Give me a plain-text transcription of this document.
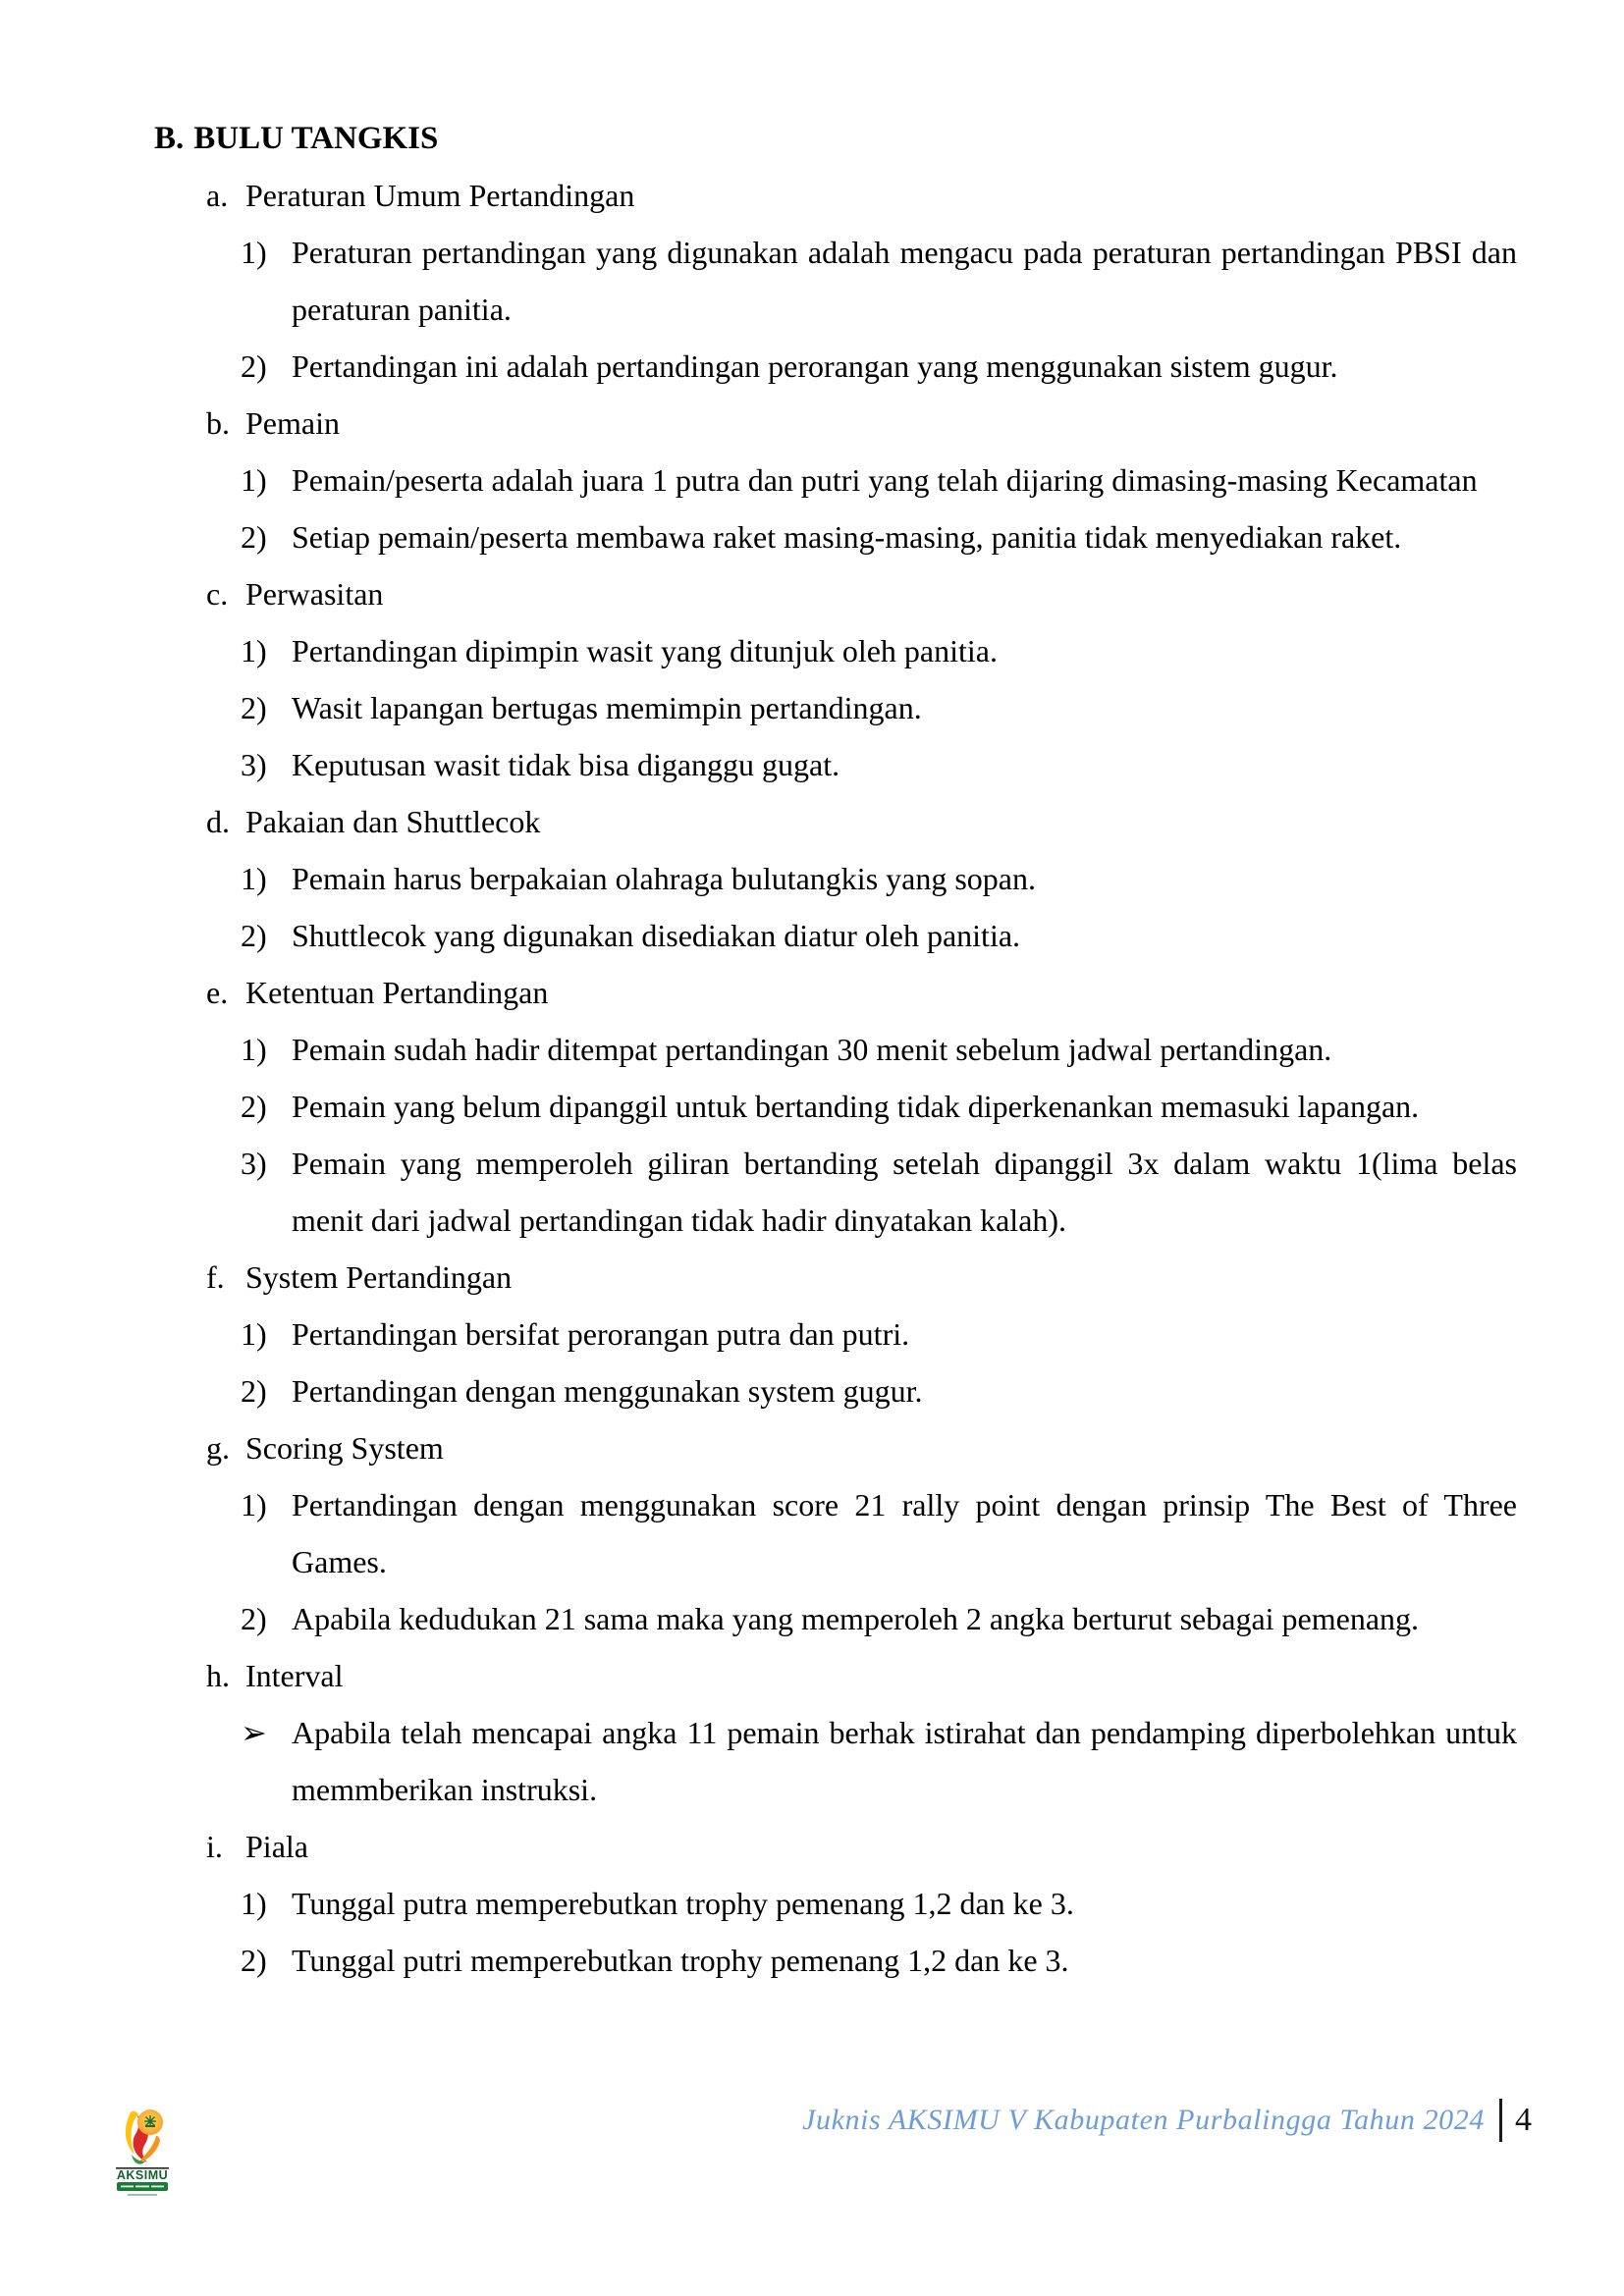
B. BULU TANGKIS
a. Peraturan Umum Pertandingan
1) Peraturan pertandingan yang digunakan adalah mengacu pada peraturan pertandingan PBSI dan peraturan panitia.
2) Pertandingan ini adalah pertandingan perorangan yang menggunakan sistem gugur.
b. Pemain
1) Pemain/peserta adalah juara 1 putra dan putri yang telah dijaring dimasing-masing Kecamatan
2) Setiap pemain/peserta membawa raket masing-masing, panitia tidak menyediakan raket.
c. Perwasitan
1) Pertandingan dipimpin wasit yang ditunjuk oleh panitia.
2) Wasit lapangan bertugas memimpin pertandingan.
3) Keputusan wasit tidak bisa diganggu gugat.
d. Pakaian dan Shuttlecok
1) Pemain harus berpakaian olahraga bulutangkis yang sopan.
2) Shuttlecok yang digunakan disediakan diatur oleh panitia.
e. Ketentuan Pertandingan
1) Pemain sudah hadir ditempat pertandingan 30 menit sebelum jadwal pertandingan.
2) Pemain yang belum dipanggil untuk bertanding tidak diperkenankan memasuki lapangan.
3) Pemain yang memperoleh giliran bertanding setelah dipanggil 3x dalam waktu 1(lima belas menit dari jadwal pertandingan tidak hadir dinyatakan kalah).
f. System Pertandingan
1) Pertandingan bersifat perorangan putra dan putri.
2) Pertandingan dengan menggunakan system gugur.
g. Scoring System
1) Pertandingan dengan menggunakan score 21 rally point dengan prinsip The Best of Three Games.
2) Apabila kedudukan 21 sama maka yang memperoleh 2 angka berturut sebagai pemenang.
h. Interval
➢ Apabila telah mencapai angka 11 pemain berhak istirahat dan pendamping diperbolehkan untuk memmberikan instruksi.
i. Piala
1) Tunggal putra memperebutkan trophy pemenang 1,2 dan ke 3.
2) Tunggal putri memperebutkan trophy pemenang 1,2 dan ke 3.
Juknis AKSIMU V Kabupaten Purbalingga Tahun 2024 4
AKSIMU
